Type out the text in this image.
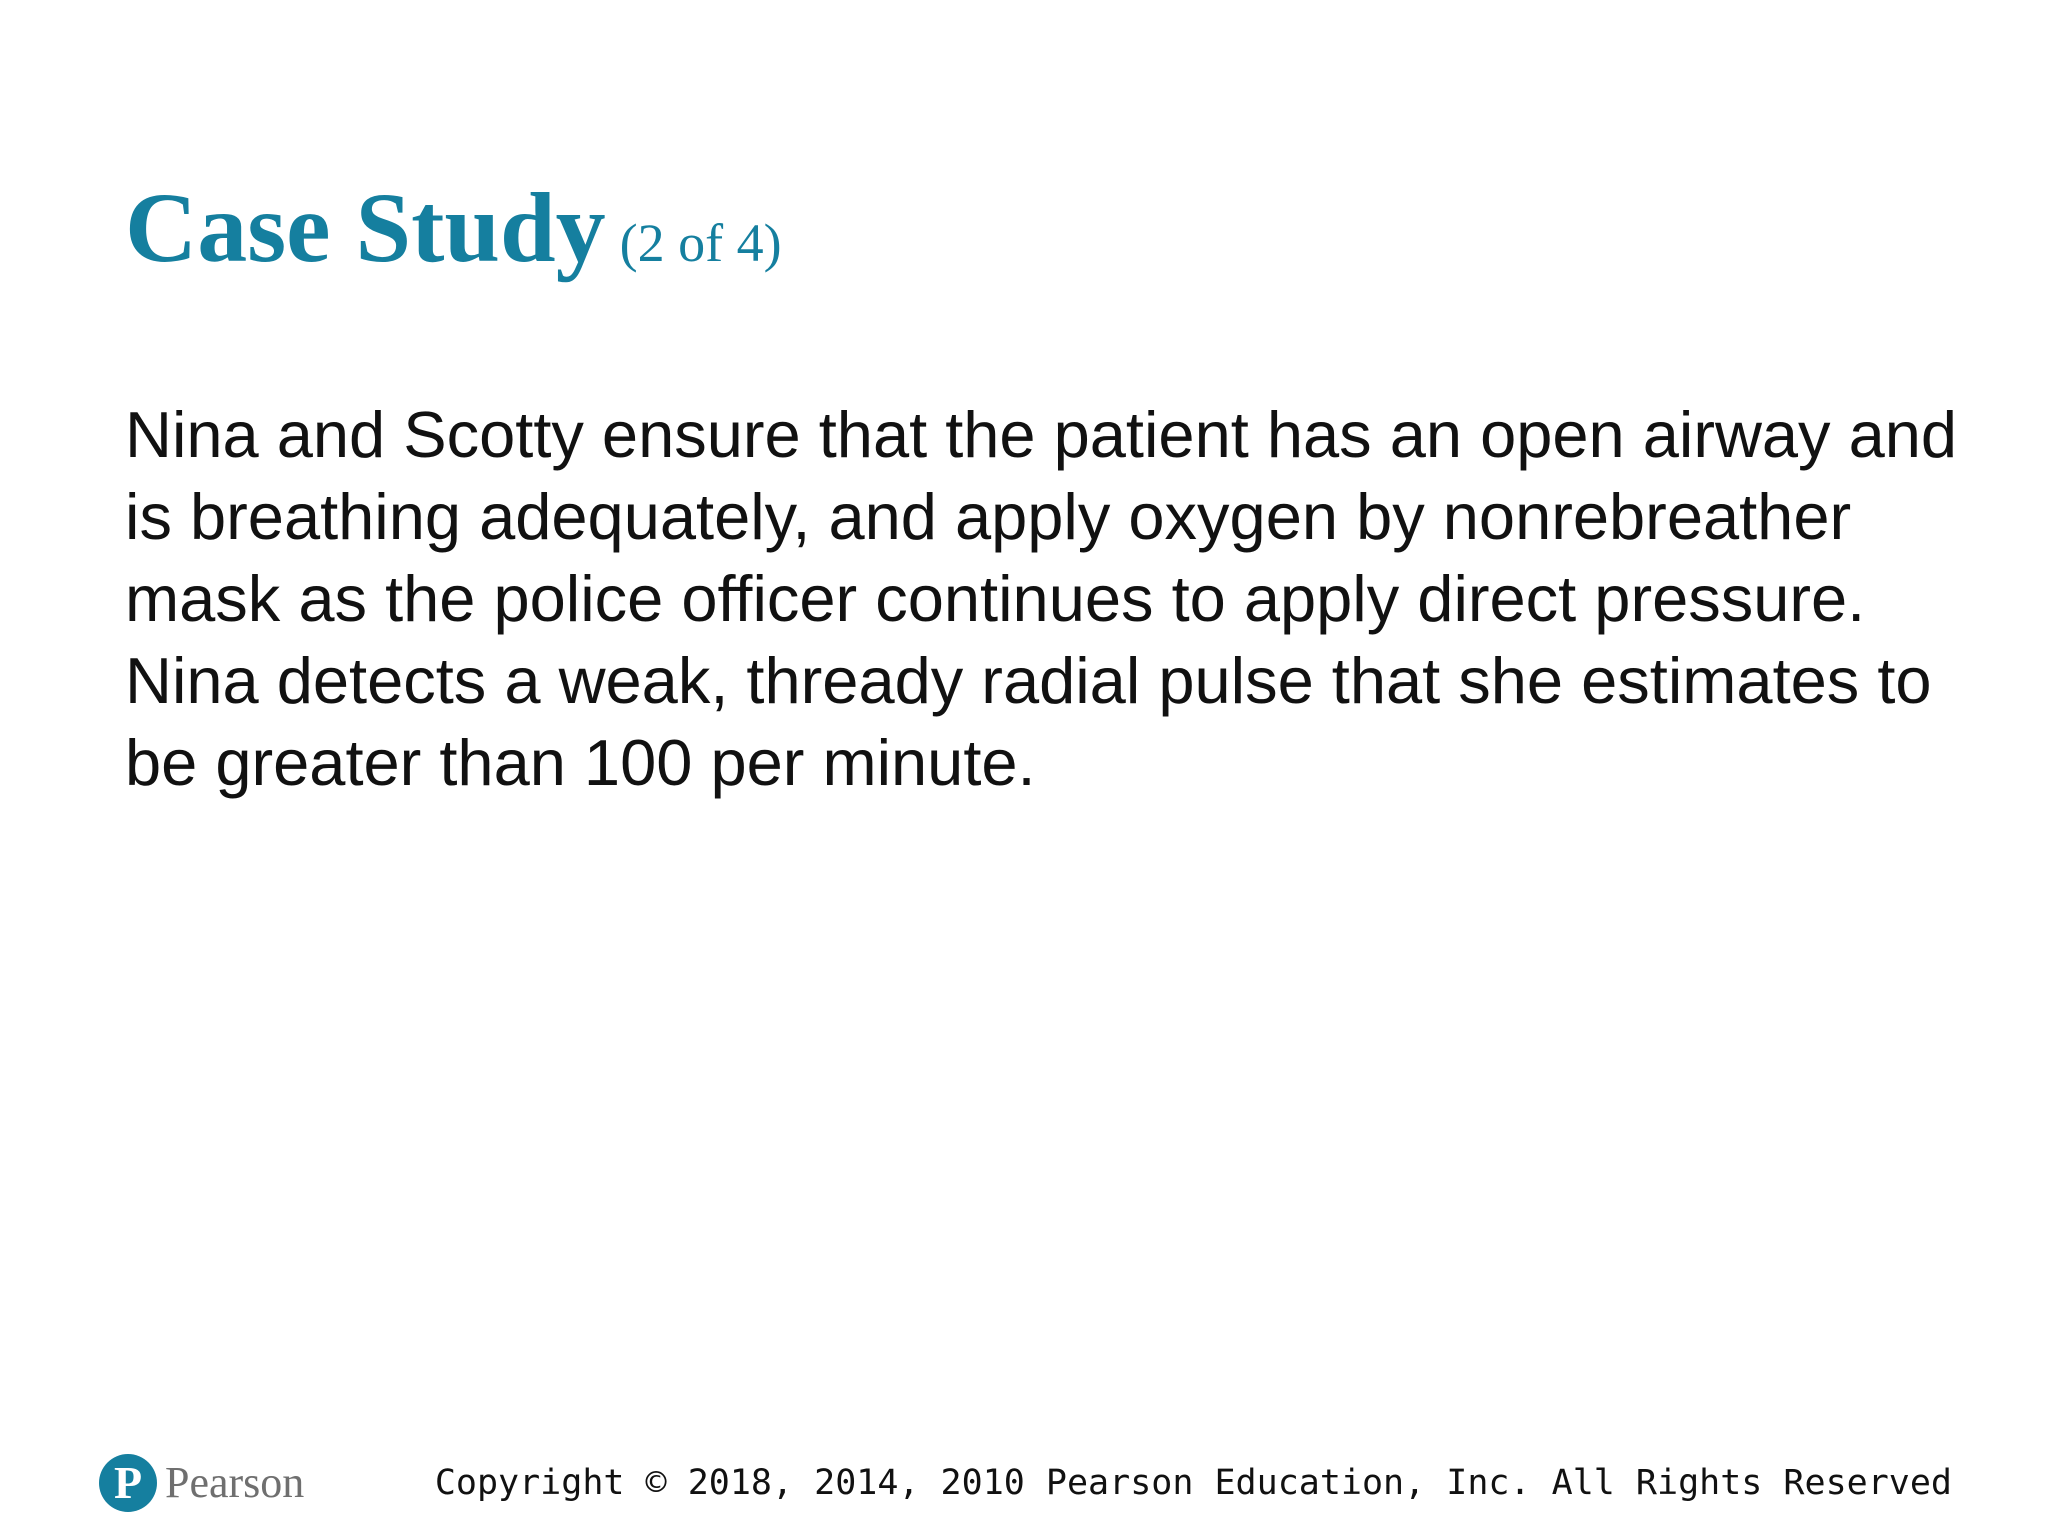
Case Study (2 of 4)

Nina and Scotty ensure that the patient has an open airway and is breathing adequately, and apply oxygen by nonrebreather mask as the police officer continues to apply direct pressure. Nina detects a weak, thready radial pulse that she estimates to be greater than 100 per minute.

P Pearson	Copyright © 2018, 2014, 2010 Pearson Education, Inc. All Rights Reserved
